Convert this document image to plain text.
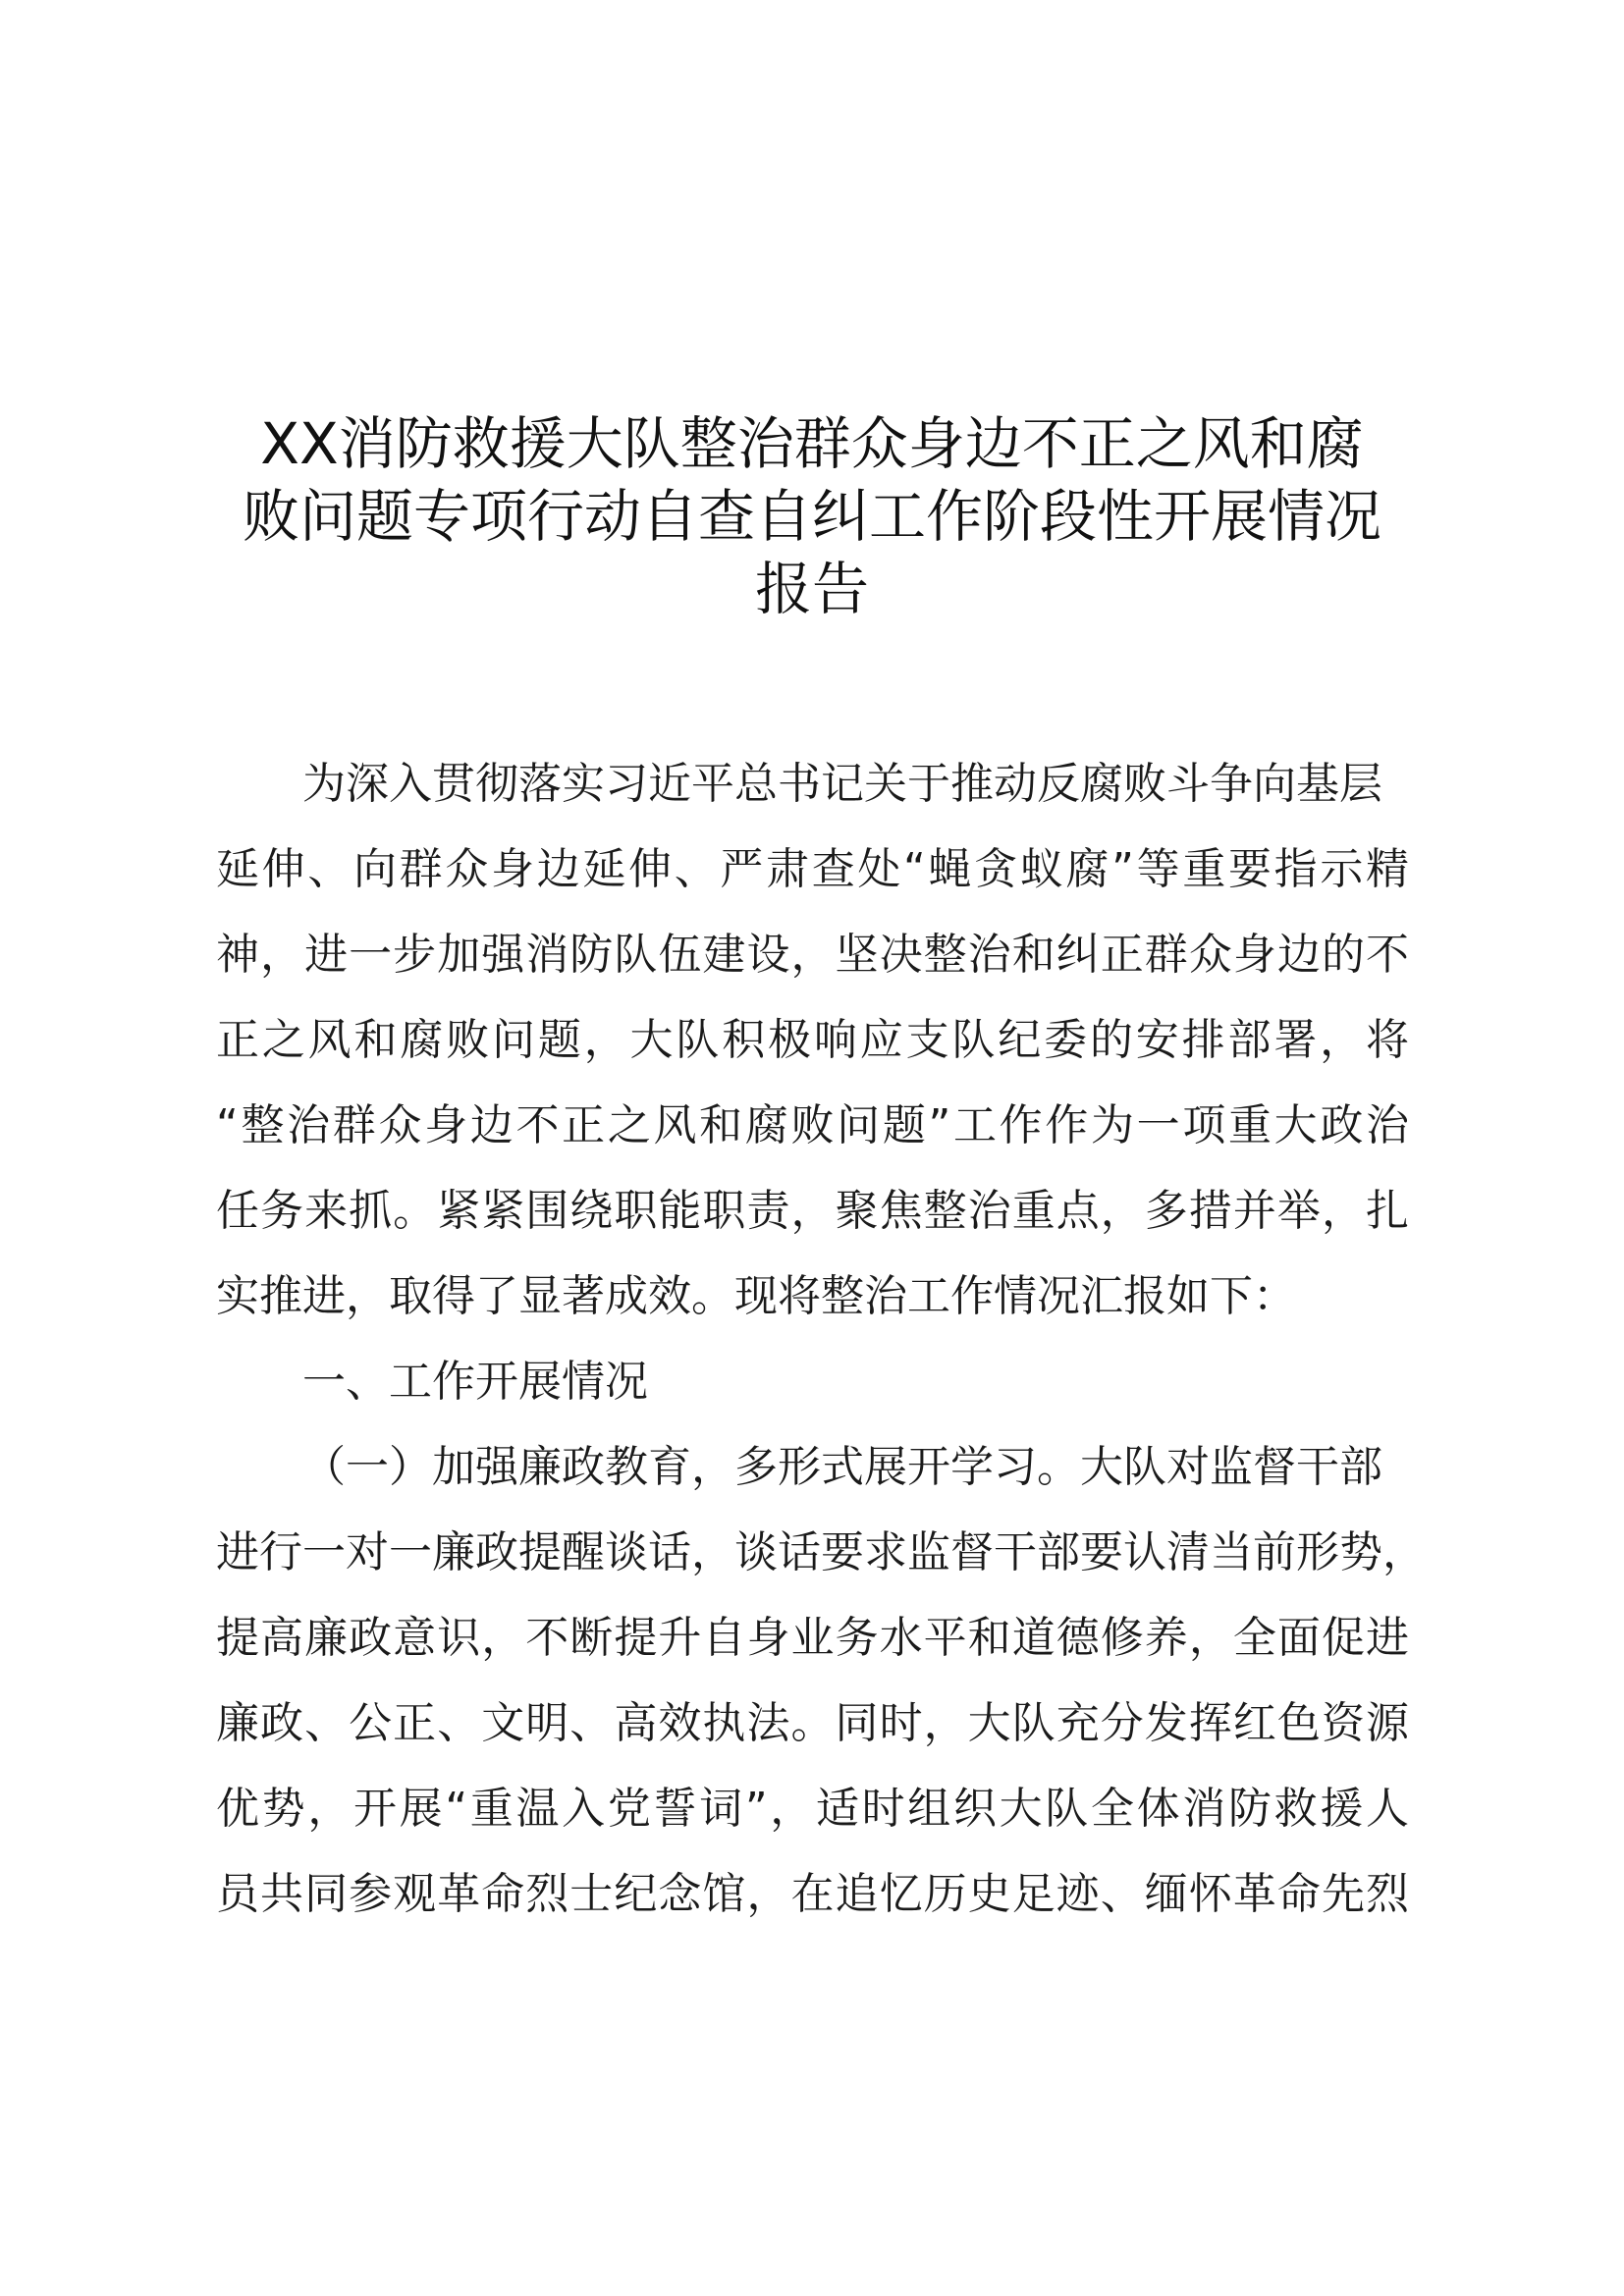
XX消防救援大队整治群众身边不正之风和腐
败问题专项行动自查自纠工作阶段性开展情况
报告
为深入贯彻落实习近平总书记关于推动反腐败斗争向基层
延伸、向群众身边延伸、严肃查处“蝇贪蚁腐”等重要指示精
神，进一步加强消防队伍建设，坚决整治和纠正群众身边的不
正之风和腐败问题，大队积极响应支队纪委的安排部署，将
“整治群众身边不正之风和腐败问题”工作作为一项重大政治
任务来抓。紧紧围绕职能职责，聚焦整治重点，多措并举，扎
实推进，取得了显著成效。现将整治工作情况汇报如下：
一、工作开展情况
（一）加强廉政教育，多形式展开学习。大队对监督干部
进行一对一廉政提醒谈话，谈话要求监督干部要认清当前形势，
提高廉政意识，不断提升自身业务水平和道德修养，全面促进
廉政、公正、文明、高效执法。同时，大队充分发挥红色资源
优势，开展“重温入党誓词”，适时组织大队全体消防救援人
员共同参观革命烈士纪念馆，在追忆历史足迹、缅怀革命先烈
